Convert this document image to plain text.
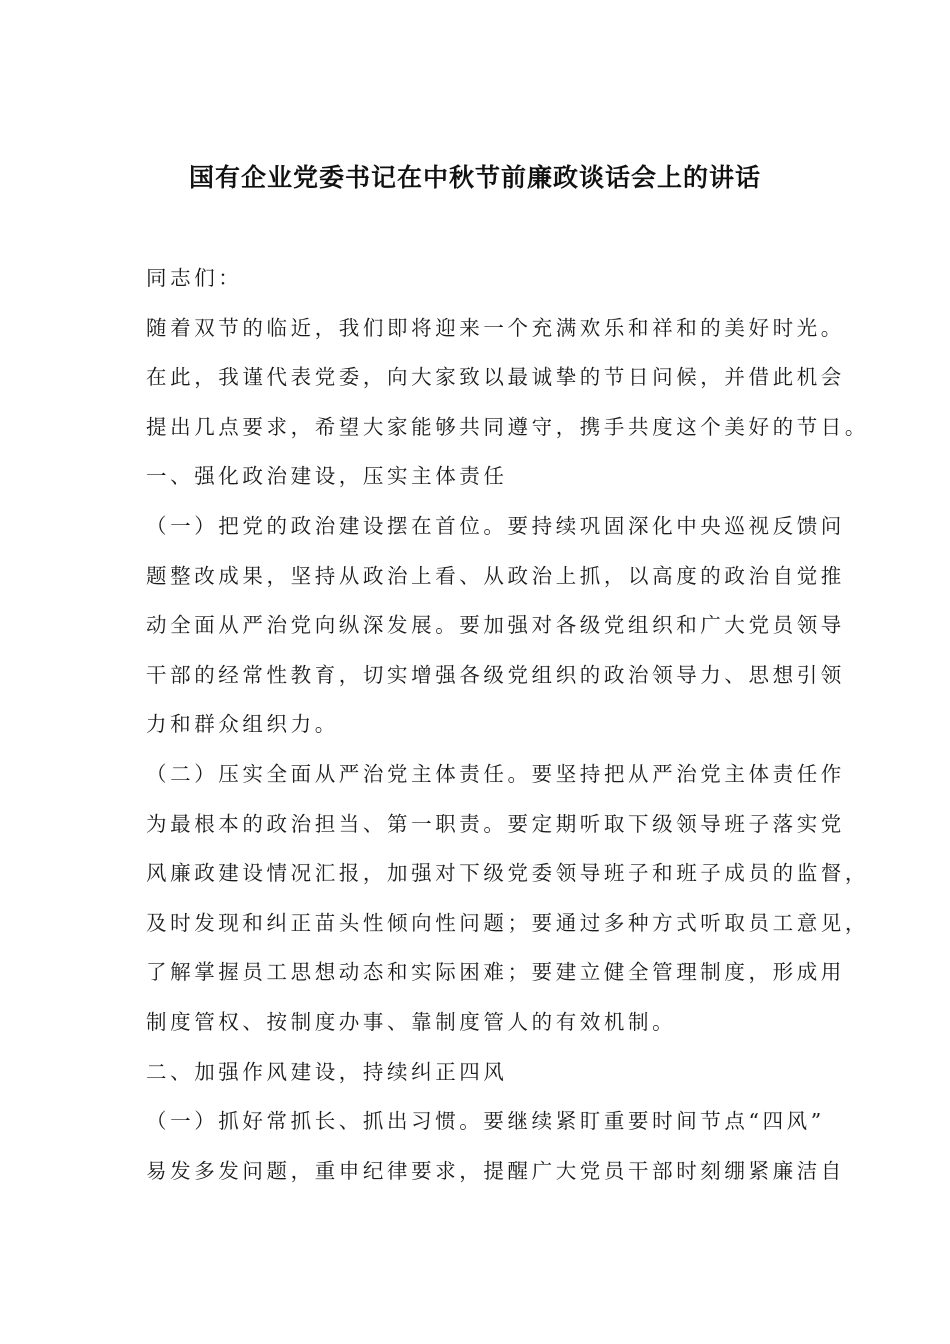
国有企业党委书记在中秋节前廉政谈话会上的讲话
同志们：
随着双节的临近，我们即将迎来一个充满欢乐和祥和的美好时光。
在此，我谨代表党委，向大家致以最诚挚的节日问候，并借此机会
提出几点要求，希望大家能够共同遵守，携手共度这个美好的节日。
一、强化政治建设，压实主体责任
（一）把党的政治建设摆在首位。要持续巩固深化中央巡视反馈问
题整改成果，坚持从政治上看、从政治上抓，以高度的政治自觉推
动全面从严治党向纵深发展。要加强对各级党组织和广大党员领导
干部的经常性教育，切实增强各级党组织的政治领导力、思想引领
力和群众组织力。
（二）压实全面从严治党主体责任。要坚持把从严治党主体责任作
为最根本的政治担当、第一职责。要定期听取下级领导班子落实党
风廉政建设情况汇报，加强对下级党委领导班子和班子成员的监督，
及时发现和纠正苗头性倾向性问题；要通过多种方式听取员工意见，
了解掌握员工思想动态和实际困难；要建立健全管理制度，形成用
制度管权、按制度办事、靠制度管人的有效机制。
二、加强作风建设，持续纠正四风
（一）抓好常抓长、抓出习惯。要继续紧盯重要时间节点“四风”
易发多发问题，重申纪律要求，提醒广大党员干部时刻绷紧廉洁自
